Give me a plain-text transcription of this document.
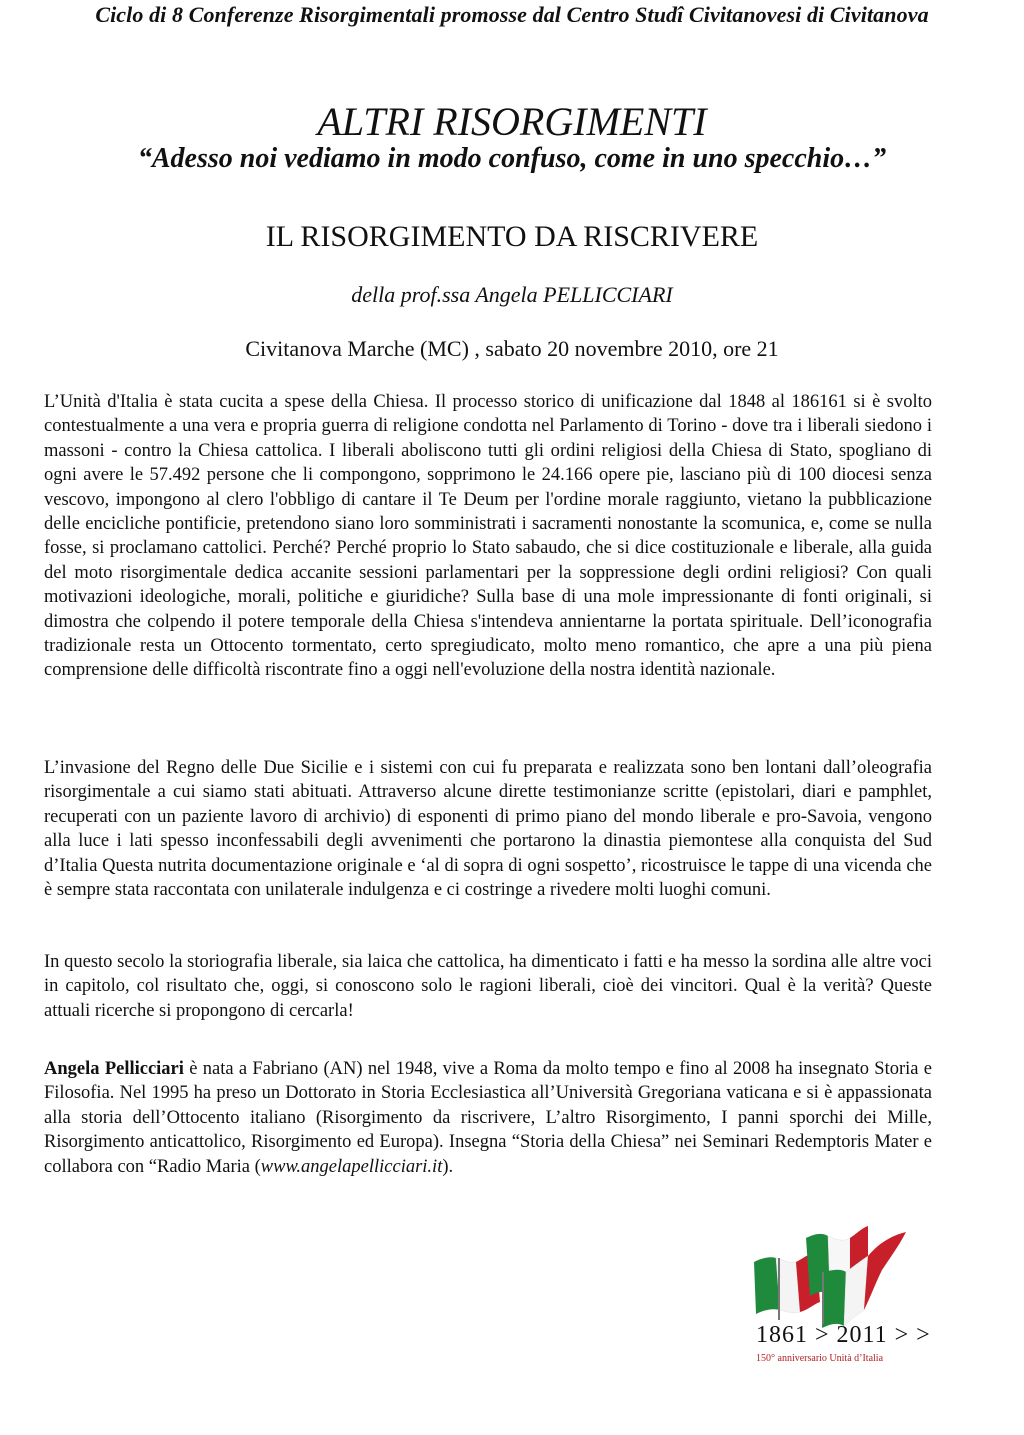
Ciclo di 8 Conferenze Risorgimentali promosse dal Centro Studî Civitanovesi di Civitanova
ALTRI RISORGIMENTI
“Adesso noi vediamo in modo confuso, come in uno specchio…”
IL RISORGIMENTO DA RISCRIVERE
della prof.ssa Angela PELLICCIARI
Civitanova Marche (MC) , sabato 20 novembre 2010, ore 21
L’Unità d'Italia è stata cucita a spese della Chiesa. Il processo storico di unificazione dal 1848 al 186161 si è svolto contestualmente a una vera e propria guerra di religione condotta nel Parlamento di Torino - dove tra i liberali siedono i massoni - contro la Chiesa cattolica. I liberali aboliscono tutti gli ordini religiosi della Chiesa di Stato, spogliano di ogni avere le 57.492 persone che li compongono, sopprimono le 24.166 opere pie, lasciano più di 100 diocesi senza vescovo, impongono al clero l'obbligo di cantare il Te Deum per l'ordine morale raggiunto, vietano la pubblicazione delle encicliche pontificie, pretendono siano loro somministrati i sacramenti nonostante la scomunica, e, come se nulla fosse, si proclamano cattolici. Perché? Perché proprio lo Stato sabaudo, che si dice costituzionale e liberale, alla guida del moto risorgimentale dedica accanite sessioni parlamentari per la soppressione degli ordini religiosi? Con quali motivazioni ideologiche, morali, politiche e giuridiche? Sulla base di una mole impressionante di fonti originali, si dimostra che colpendo il potere temporale della Chiesa s'intendeva annientarne la portata spirituale. Dell’iconografia tradizionale resta un Ottocento tormentato, certo spregiudicato, molto meno romantico, che apre a una più piena comprensione delle difficoltà riscontrate fino a oggi nell'evoluzione della nostra identità nazionale.
L’invasione del Regno delle Due Sicilie e i sistemi con cui fu preparata e realizzata sono ben lontani dall’oleografia risorgimentale a cui siamo stati abituati. Attraverso alcune dirette testimonianze scritte (epistolari, diari e pamphlet, recuperati con un paziente lavoro di archivio) di esponenti di primo piano del mondo liberale e pro-Savoia, vengono alla luce i lati spesso inconfessabili degli avvenimenti che portarono la dinastia piemontese alla conquista del Sud d’Italia Questa nutrita documentazione originale e ‘al di sopra di ogni sospetto’, ricostruisce le tappe di una vicenda che è sempre stata raccontata con unilaterale indulgenza e ci costringe a rivedere molti luoghi comuni.
In questo secolo la storiografia liberale, sia laica che cattolica, ha dimenticato i fatti e ha messo la sordina alle altre voci in capitolo, col risultato che, oggi, si conoscono solo le ragioni liberali, cioè dei vincitori. Qual è la verità? Queste attuali ricerche si propongono di cercarla!
Angela Pellicciari è nata a Fabriano (AN) nel 1948, vive a Roma da molto tempo e fino al 2008 ha insegnato Storia e Filosofia. Nel 1995 ha preso un Dottorato in Storia Ecclesiastica all’Università Gregoriana vaticana e si è appassionata alla storia dell’Ottocento italiano (Risorgimento da riscrivere, L’altro Risorgimento, I panni sporchi dei Mille, Risorgimento anticattolico, Risorgimento ed Europa). Insegna “Storia della Chiesa” nei Seminari Redemptoris Mater e collabora con “Radio Maria (www.angelapellicciari.it).
1861 > 2011 > >
150° anniversario Unità d’Italia
